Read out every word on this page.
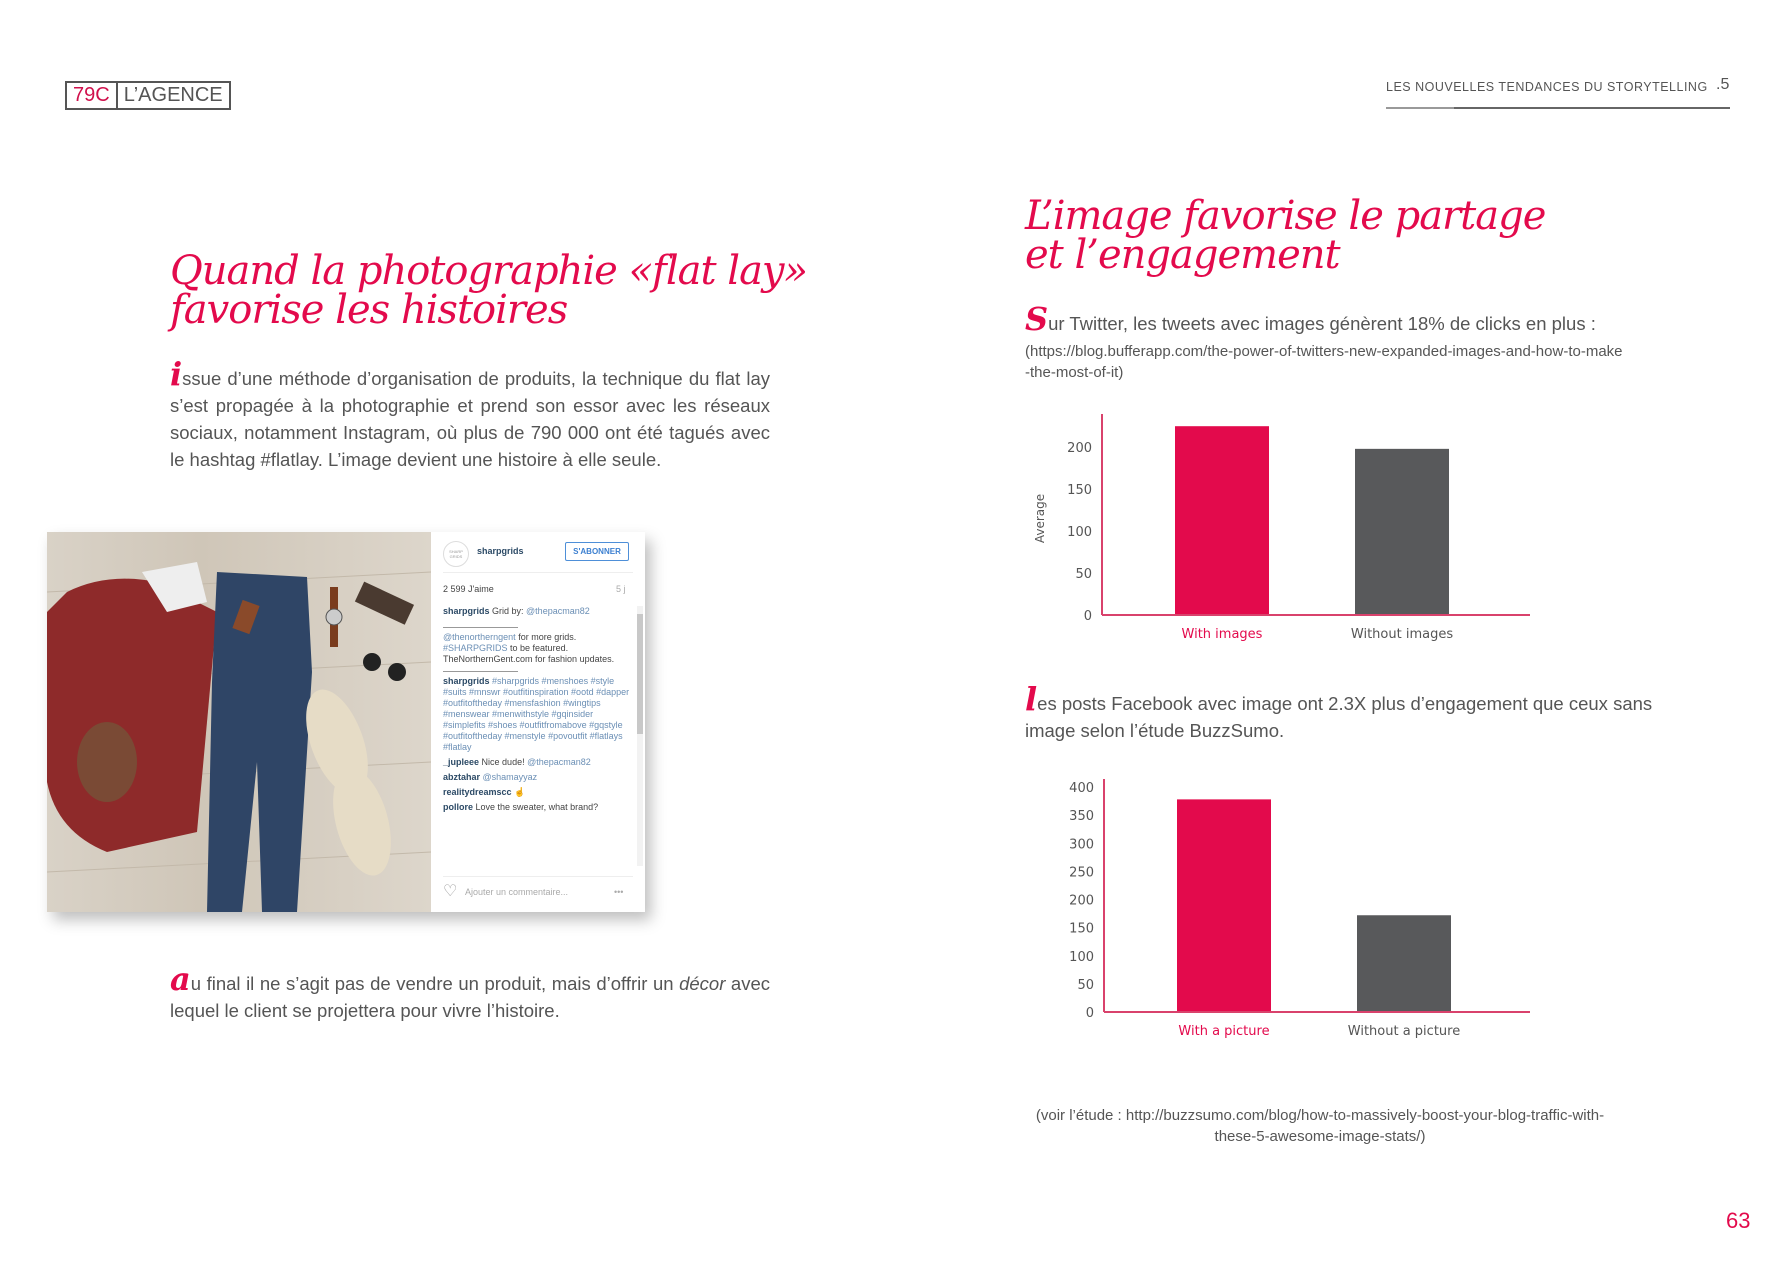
79C L’AGENCE	LES NOUVELLES TENDANCES DU STORYTELLING .5
Quand la photographie «flat lay»
favorise les histoires
issue d’une méthode d’organisation de produits, la technique du flat lay s’est propagée à la photographie et prend son essor avec les réseaux sociaux, notamment Instagram, où plus de 790 000 ont été tagués avec le hashtag #flatlay. L’image devient une histoire à elle seule.
SHARP GRIDS
sharpgrids	S'ABONNER
2 599 J'aime	5 j
sharpgrids Grid by: @thepacman82
@thenortherngent for more grids. #SHARPGRIDS to be featured. TheNorthernGent.com for fashion updates.
sharpgrids #sharpgrids #menshoes #style #suits #mnswr #outfitinspiration #ootd #dapper #outfitoftheday #mensfashion #wingtips #menswear #menwithstyle #gqinsider #simplefits #shoes #outfitfromabove #gqstyle #outfitoftheday #menstyle #povoutfit #flatlays #flatlay
_jupleee Nice dude! @thepacman82
abztahar @shamayyaz
realitydreamscc ☝
pollore Love the sweater, what brand?
♡ Ajouter un commentaire...	•••
au final il ne s’agit pas de vendre un produit, mais d’offrir un décor avec lequel le client se projettera pour vivre l’histoire.
L’image favorise le partage
et l’engagement
Sur Twitter, les tweets avec images génèrent 18% de clicks en plus :
(https://blog.bufferapp.com/the-power-of-twitters-new-expanded-images-and-how-to-make-the-most-of-it)
0
50
100
150
200
Average
With images	Without images
les posts Facebook avec image ont 2.3X plus d’engagement que ceux sans image selon l’étude BuzzSumo.
0
50
100
150
200
250
300
350
400
With a picture	Without a picture
(voir l’étude : http://buzzsumo.com/blog/how-to-massively-boost-your-blog-traffic-with-these-5-awesome-image-stats/)
63
